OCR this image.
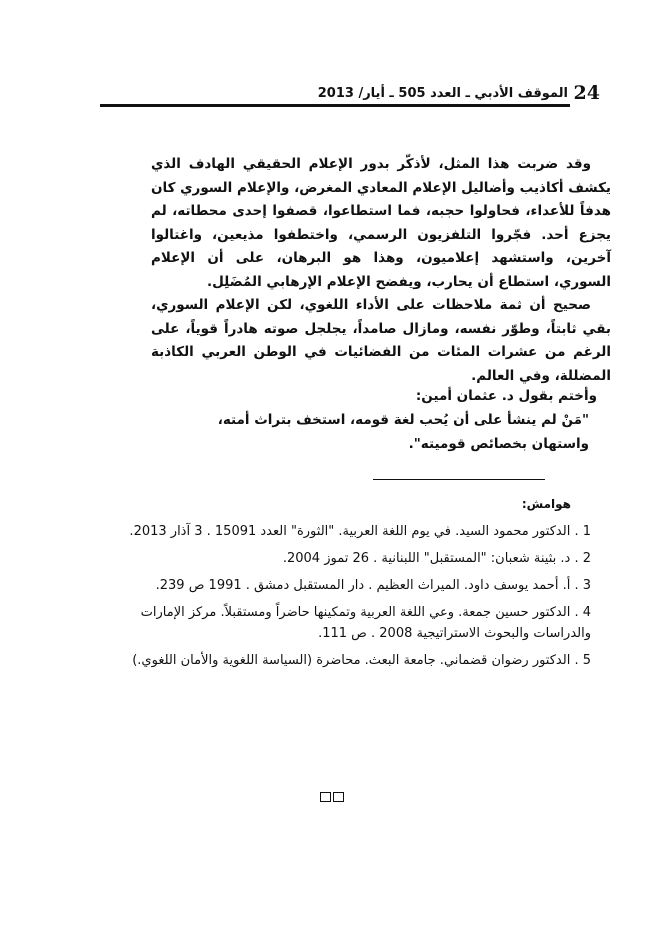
24
الموقف الأدبي ـ العدد 505 ـ أيار/ 2013

وقد ضربت هذا المثل، لأذكّر بدور الإعلام الحقيقي الهادف الذي يكشف أكاذيب وأضاليل الإعلام المعادي المغرض، والإعلام السوري كان هدفاً للأعداء، فحاولوا حجبه، فما استطاعوا، قصفوا إحدى محطاته، لم يجزع أحد. فجّروا التلفزيون الرسمي، واختطفوا مذيعين، واغتالوا آخرين، واستشهد إعلاميون، وهذا هو البرهان، على أن الإعلام السوري، استطاع أن يحارب، ويفضح الإعلام الإرهابي المُضَلِل.

صحيح أن ثمة ملاحظات على الأداء اللغوي، لكن الإعلام السوري، بقي ثابتاً، وطوّر نفسه، ومازال صامداً، يجلجل صوته هادراً قوياً، على الرغم من عشرات المئات من الفضائيات في الوطن العربي الكاذبة المضللة، وفي العالم.

وأختم بقول د. عثمان أمين:

"مَنْ لم ينشأ على أن يُحب لغة قومه، استخف بتراث أمته، واستهان بخصائص قوميته".

هوامش:

1 . الدكتور محمود السيد. في يوم اللغة العربية. "الثورة" العدد 15091 . 3 آذار 2013.

2 . د. بثينة شعبان: "المستقبل" اللبنانية . 26 تموز 2004.

3 . أ. أحمد يوسف داود. الميراث العظيم . دار المستقبل دمشق . 1991 ص 239.

4 . الدكتور حسين جمعة. وعي اللغة العربية وتمكينها حاضراً ومستقبلاً. مركز الإمارات والدراسات والبحوث الاستراتيجية 2008 . ص 111.

5 . الدكتور رضوان قضماني. جامعة البعث. محاضرة (السياسة اللغوية والأمان اللغوي.)
